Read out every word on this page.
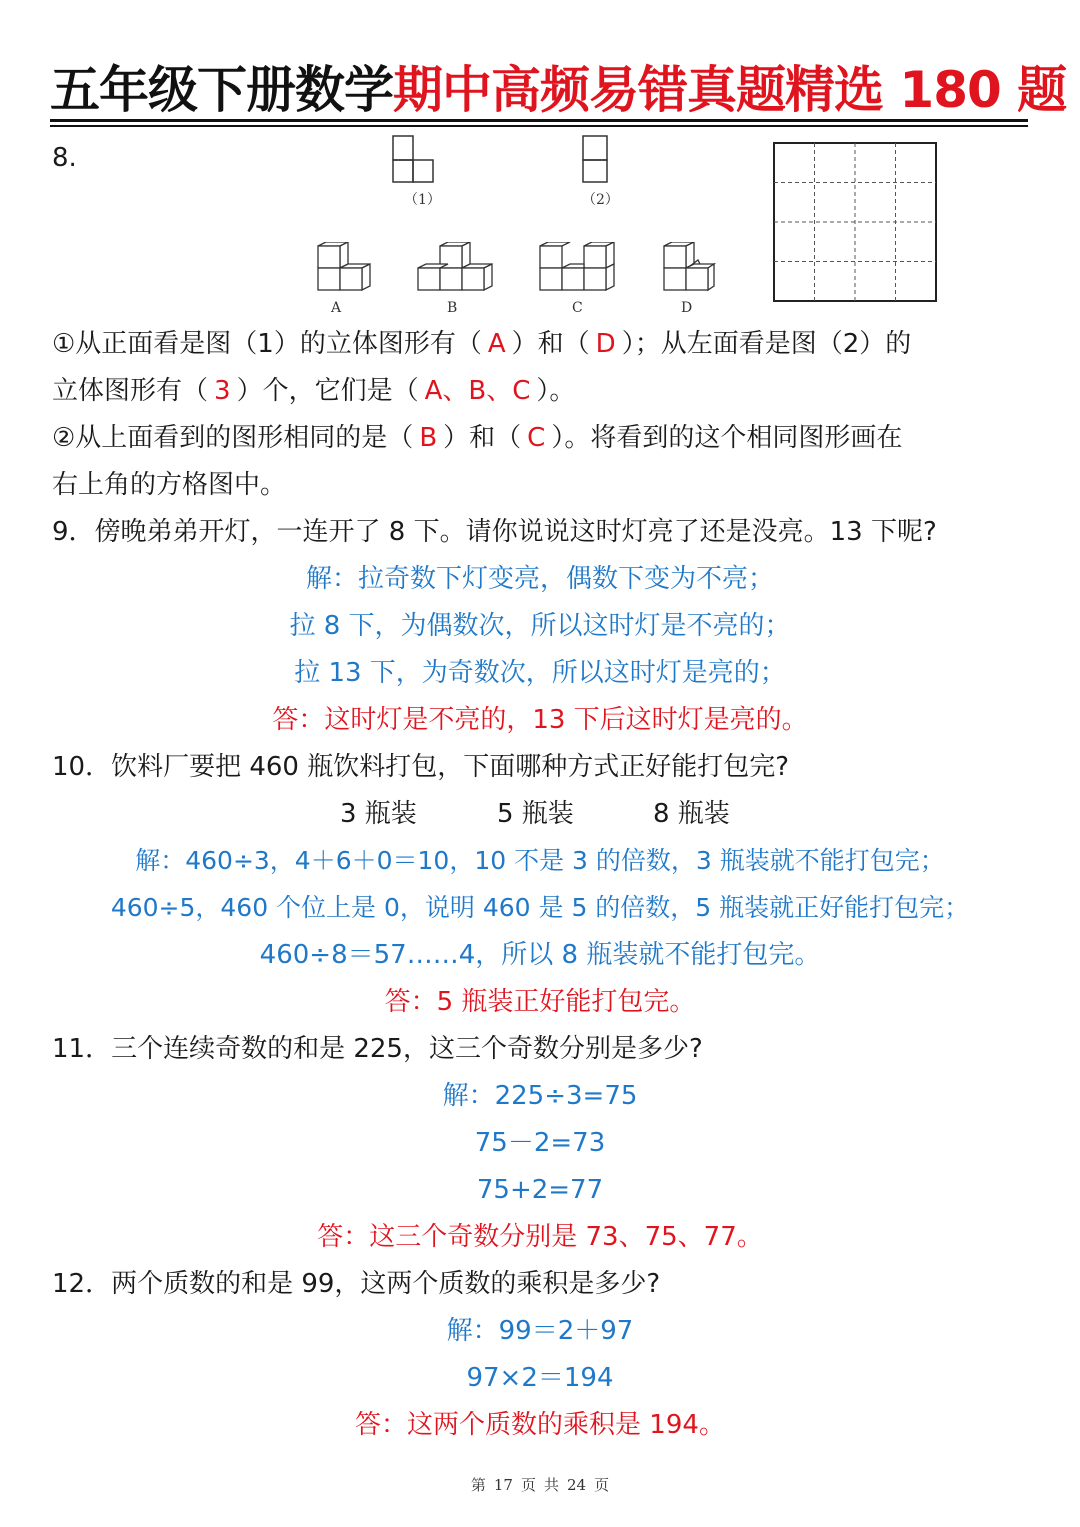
五年级下册数学期中高频易错真题精选 180 题
8.
（1）	（2）
A	B	C	D
①从正面看是图（1）的立体图形有（ A ）和（ D ）；从左面看是图（2）的
立体图形有（ 3 ）个，它们是（ A、B、C ）。
②从上面看到的图形相同的是（ B ）和（ C ）。将看到的这个相同图形画在
右上角的方格图中。
9．傍晚弟弟开灯，一连开了 8 下。请你说说这时灯亮了还是没亮。13 下呢?
解：拉奇数下灯变亮，偶数下变为不亮；
拉 8 下，为偶数次，所以这时灯是不亮的；
拉 13 下，为奇数次，所以这时灯是亮的；
答：这时灯是不亮的，13 下后这时灯是亮的。
10．饮料厂要把 460 瓶饮料打包，下面哪种方式正好能打包完?
3 瓶装	5 瓶装	8 瓶装
解：460÷3，4＋6＋0＝10，10 不是 3 的倍数，3 瓶装就不能打包完；
460÷5，460 个位上是 0，说明 460 是 5 的倍数，5 瓶装就正好能打包完；
460÷8＝57……4，所以 8 瓶装就不能打包完。
答：5 瓶装正好能打包完。
11．三个连续奇数的和是 225，这三个奇数分别是多少?
解：225÷3=75
75－2=73
75+2=77
答：这三个奇数分别是 73、75、77。
12．两个质数的和是 99，这两个质数的乘积是多少?
解：99＝2＋97
97×2＝194
答：这两个质数的乘积是 194。
第 17 页 共 24 页
